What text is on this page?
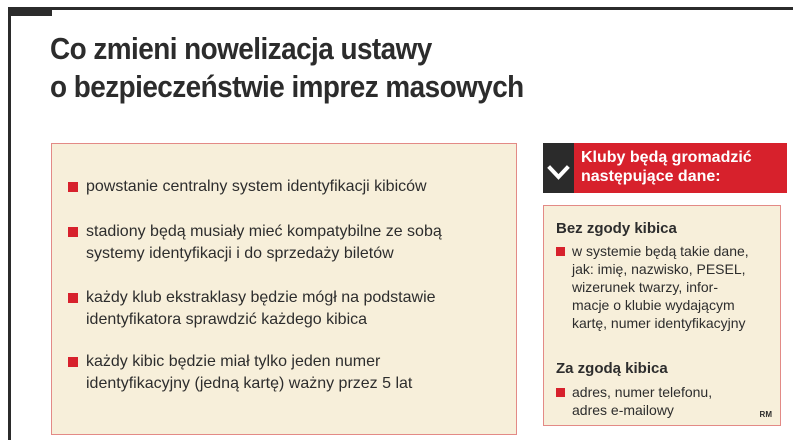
Co zmieni nowelizacja ustawy
o bezpieczeństwie imprez masowych
powstanie centralny system identyfikacji kibiców
stadiony będą musiały mieć kompatybilne ze sobą
systemy identyfikacji i do sprzedaży biletów
każdy klub ekstraklasy będzie mógł na podstawie
identyfikatora sprawdzić każdego kibica
każdy kibic będzie miał tylko jeden numer
identyfikacyjny (jedną kartę) ważny przez 5 lat
Kluby będą gromadzić
następujące dane:
Bez zgody kibica
w systemie będą takie dane,
jak: imię, nazwisko, PESEL,
wizerunek twarzy, infor-
macje o klubie wydającym
kartę, numer identyfikacyjny
Za zgodą kibica
adres, numer telefonu,
adres e-mailowy	RM
